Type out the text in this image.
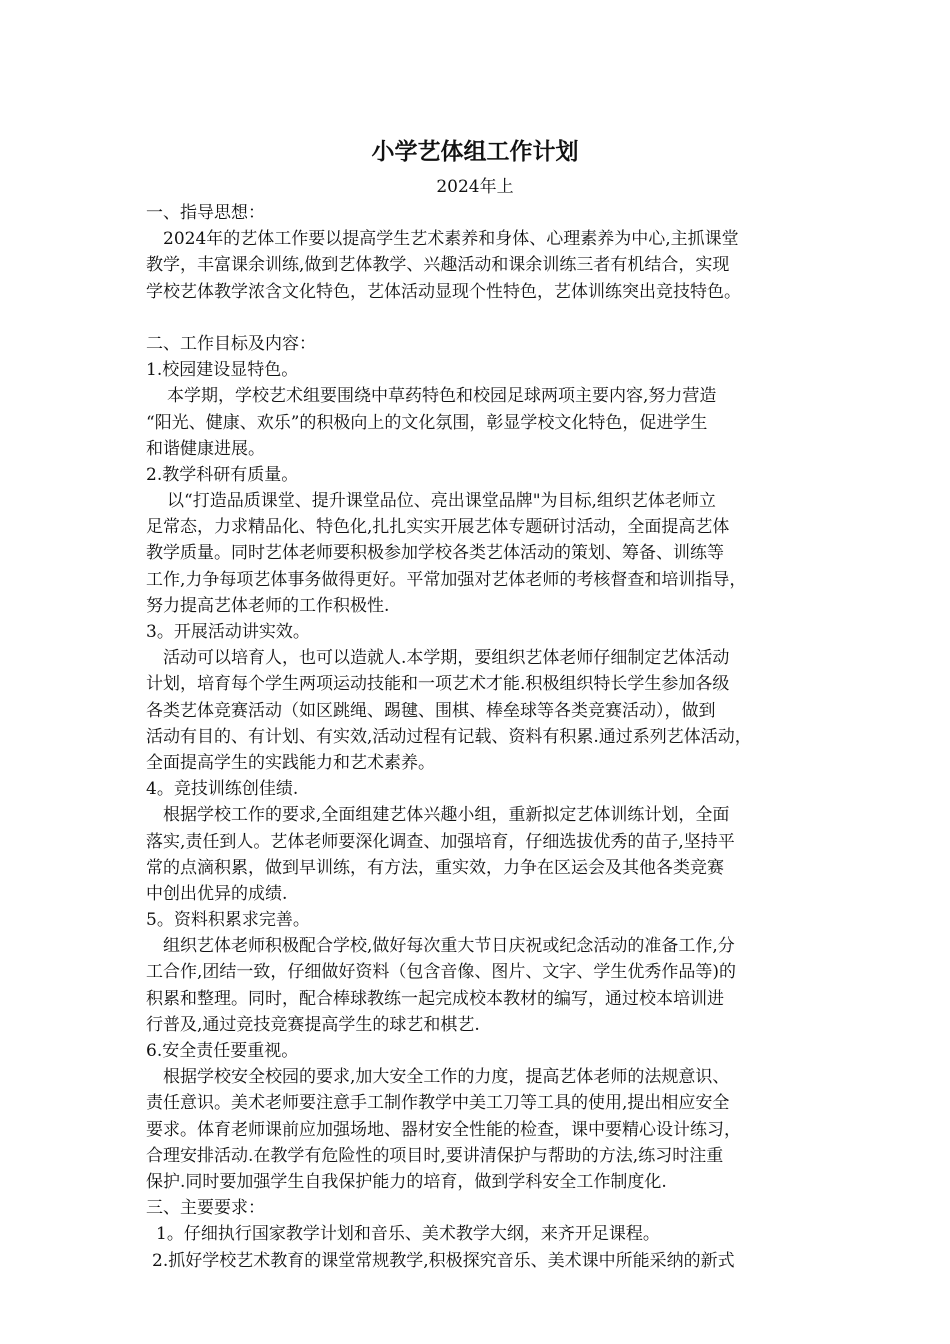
小学艺体组工作计划
2024年上
一、指导思想：
2024年的艺体工作要以提高学生艺术素养和身体、心理素养为中心,主抓课堂
教学，丰富课余训练,做到艺体教学、兴趣活动和课余训练三者有机结合，实现
学校艺体教学浓含文化特色，艺体活动显现个性特色，艺体训练突出竞技特色。
二、工作目标及内容：
1.校园建设显特色。
本学期，学校艺术组要围绕中草药特色和校园足球两项主要内容,努力营造
“阳光、健康、欢乐”的积极向上的文化氛围，彰显学校文化特色，促进学生
和谐健康进展。
2.教学科研有质量。
以“打造品质课堂、提升课堂品位、亮出课堂品牌"为目标,组织艺体老师立
足常态，力求精品化、特色化,扎扎实实开展艺体专题研讨活动，全面提高艺体
教学质量。同时艺体老师要积极参加学校各类艺体活动的策划、筹备、训练等
工作,力争每项艺体事务做得更好。平常加强对艺体老师的考核督查和培训指导，
努力提高艺体老师的工作积极性.
3。开展活动讲实效。
活动可以培育人，也可以造就人.本学期，要组织艺体老师仔细制定艺体活动
计划，培育每个学生两项运动技能和一项艺术才能.积极组织特长学生参加各级
各类艺体竞赛活动（如区跳绳、踢毽、围棋、棒垒球等各类竞赛活动），做到
活动有目的、有计划、有实效,活动过程有记载、资料有积累.通过系列艺体活动，
全面提高学生的实践能力和艺术素养。
4。竞技训练创佳绩.
根据学校工作的要求,全面组建艺体兴趣小组，重新拟定艺体训练计划，全面
落实,责任到人。艺体老师要深化调查、加强培育，仔细选拔优秀的苗子,坚持平
常的点滴积累，做到早训练，有方法，重实效，力争在区运会及其他各类竞赛
中创出优异的成绩.
5。资料积累求完善。
组织艺体老师积极配合学校,做好每次重大节日庆祝或纪念活动的准备工作,分
工合作,团结一致，仔细做好资料（包含音像、图片、文字、学生优秀作品等)的
积累和整理。同时，配合棒球教练一起完成校本教材的编写，通过校本培训进
行普及,通过竞技竞赛提高学生的球艺和棋艺.
6.安全责任要重视。
根据学校安全校园的要求,加大安全工作的力度，提高艺体老师的法规意识、
责任意识。美术老师要注意手工制作教学中美工刀等工具的使用,提出相应安全
要求。体育老师课前应加强场地、器材安全性能的检查，课中要精心设计练习，
合理安排活动.在教学有危险性的项目时,要讲清保护与帮助的方法,练习时注重
保护.同时要加强学生自我保护能力的培育，做到学科安全工作制度化.
三、主要要求：
1。仔细执行国家教学计划和音乐、美术教学大纲，来齐开足课程。
2.抓好学校艺术教育的课堂常规教学,积极探究音乐、美术课中所能采纳的新式
